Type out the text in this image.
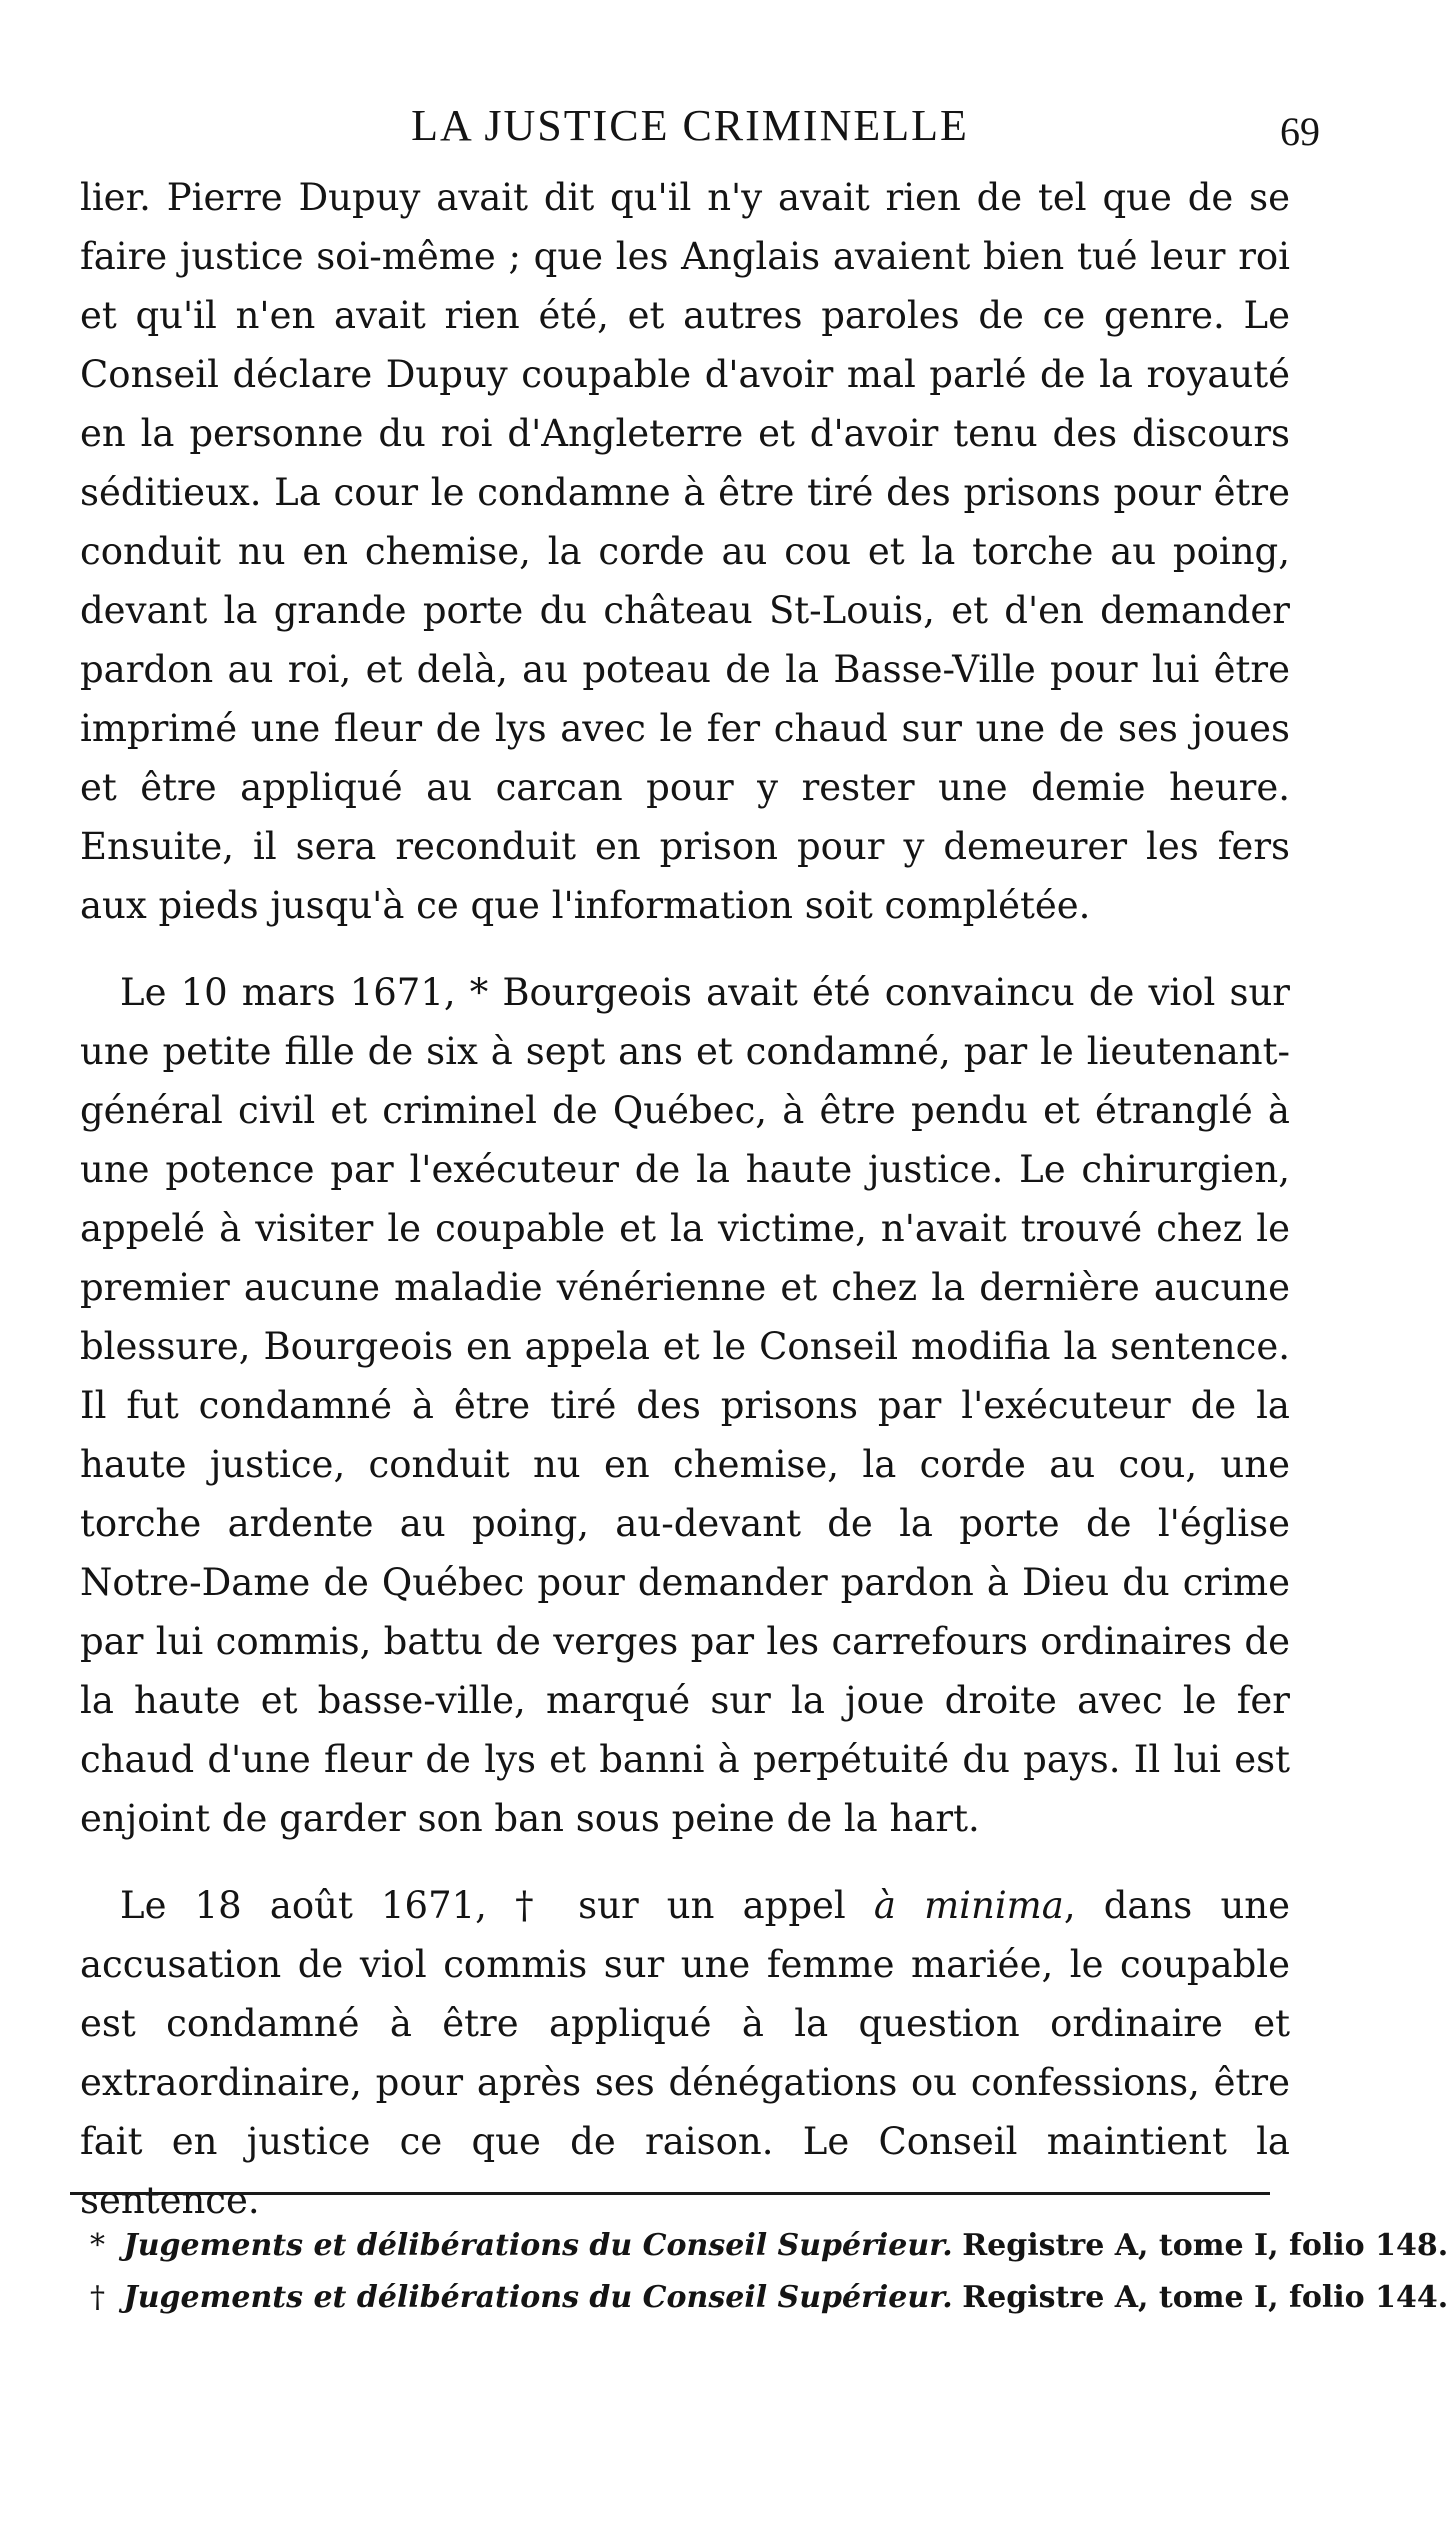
LA JUSTICE CRIMINELLE	69

lier. Pierre Dupuy avait dit qu'il n'y avait rien de tel que de se faire justice soi-même ; que les Anglais avaient bien tué leur roi et qu'il n'en avait rien été, et autres paroles de ce genre. Le Conseil déclare Dupuy coupable d'avoir mal parlé de la royauté en la personne du roi d'Angleterre et d'avoir tenu des discours séditieux. La cour le condamne à être tiré des prisons pour être conduit nu en chemise, la corde au cou et la torche au poing, devant la grande porte du château St-Louis, et d'en demander pardon au roi, et delà, au poteau de la Basse-Ville pour lui être imprimé une fleur de lys avec le fer chaud sur une de ses joues et être appliqué au carcan pour y rester une demie heure. Ensuite, il sera reconduit en prison pour y demeurer les fers aux pieds jusqu'à ce que l'information soit complétée.

Le 10 mars 1671, * Bourgeois avait été convaincu de viol sur une petite fille de six à sept ans et condamné, par le lieutenant-général civil et criminel de Québec, à être pendu et étranglé à une potence par l'exécuteur de la haute justice. Le chirurgien, appelé à visiter le coupable et la victime, n'avait trouvé chez le premier aucune maladie vénérienne et chez la dernière aucune blessure, Bourgeois en appela et le Conseil modifia la sentence. Il fut condamné à être tiré des prisons par l'exécuteur de la haute justice, conduit nu en chemise, la corde au cou, une torche ardente au poing, au-devant de la porte de l'église Notre-Dame de Québec pour demander pardon à Dieu du crime par lui commis, battu de verges par les carrefours ordinaires de la haute et basse-ville, marqué sur la joue droite avec le fer chaud d'une fleur de lys et banni à perpétuité du pays. Il lui est enjoint de garder son ban sous peine de la hart.

Le 18 août 1671, † sur un appel à minima, dans une accusation de viol commis sur une femme mariée, le coupable est condamné à être appliqué à la question ordinaire et extraordinaire, pour après ses dénégations ou confessions, être fait en justice ce que de raison. Le Conseil maintient la sentence.

* Jugements et délibérations du Conseil Supérieur. Registre A, tome I, folio 148.

† Jugements et délibérations du Conseil Supérieur. Registre A, tome I, folio 144.
